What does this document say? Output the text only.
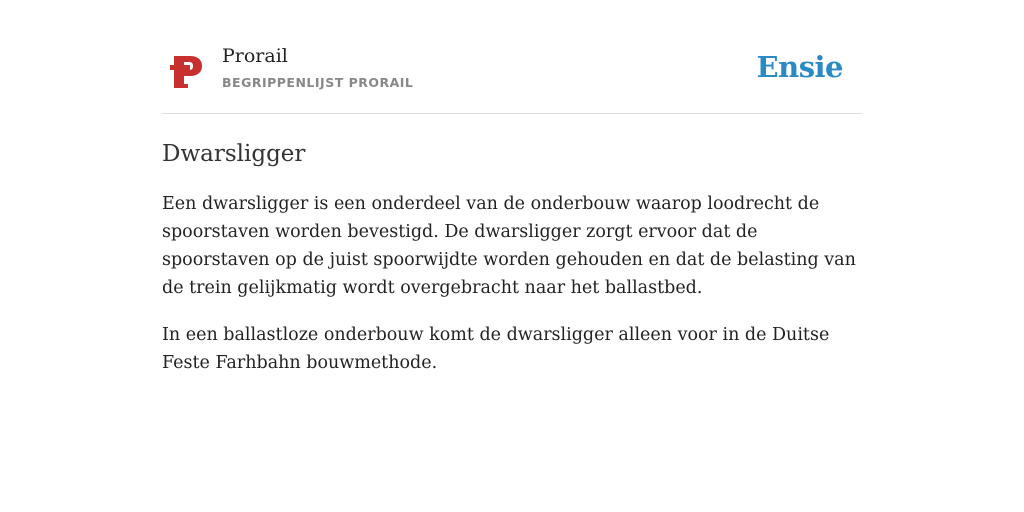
Prorail
BEGRIPPENLIJST PRORAIL	Ensie
Dwarsligger

Een dwarsligger is een onderdeel van de onderbouw waarop loodrecht de spoorstaven worden bevestigd. De dwarsligger zorgt ervoor dat de spoorstaven op de juist spoorwijdte worden gehouden en dat de belasting van de trein gelijkmatig wordt overgebracht naar het ballastbed.

In een ballastloze onderbouw komt de dwarsligger alleen voor in de Duitse Feste Farhbahn bouwmethode.
